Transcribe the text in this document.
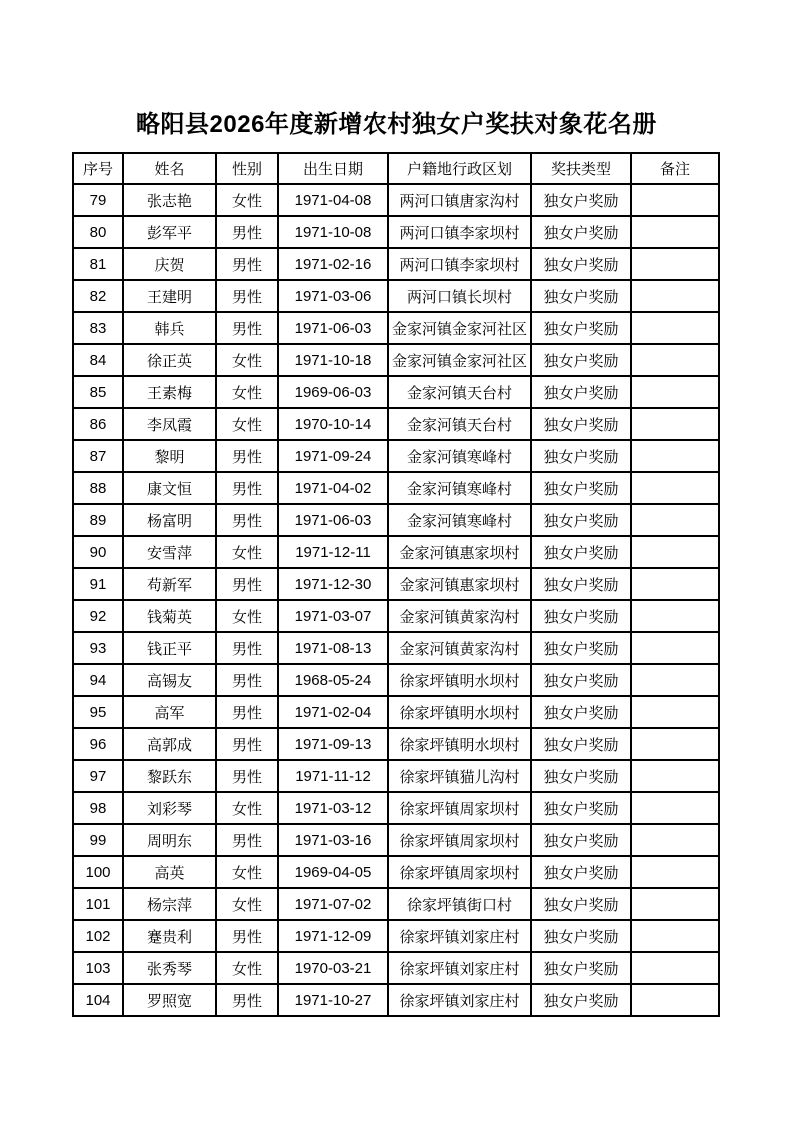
略阳县2026年度新增农村独女户奖扶对象花名册
序号	姓名	性别	出生日期	户籍地行政区划	奖扶类型	备注
79	张志艳	女性	1971-04-08	两河口镇唐家沟村	独女户奖励	
80	彭军平	男性	1971-10-08	两河口镇李家坝村	独女户奖励	
81	庆贺	男性	1971-02-16	两河口镇李家坝村	独女户奖励	
82	王建明	男性	1971-03-06	两河口镇长坝村	独女户奖励	
83	韩兵	男性	1971-06-03	金家河镇金家河社区	独女户奖励	
84	徐正英	女性	1971-10-18	金家河镇金家河社区	独女户奖励	
85	王素梅	女性	1969-06-03	金家河镇天台村	独女户奖励	
86	李凤霞	女性	1970-10-14	金家河镇天台村	独女户奖励	
87	黎明	男性	1971-09-24	金家河镇寒峰村	独女户奖励	
88	康文恒	男性	1971-04-02	金家河镇寒峰村	独女户奖励	
89	杨富明	男性	1971-06-03	金家河镇寒峰村	独女户奖励	
90	安雪萍	女性	1971-12-11	金家河镇惠家坝村	独女户奖励	
91	苟新军	男性	1971-12-30	金家河镇惠家坝村	独女户奖励	
92	钱菊英	女性	1971-03-07	金家河镇黄家沟村	独女户奖励	
93	钱正平	男性	1971-08-13	金家河镇黄家沟村	独女户奖励	
94	高锡友	男性	1968-05-24	徐家坪镇明水坝村	独女户奖励	
95	高军	男性	1971-02-04	徐家坪镇明水坝村	独女户奖励	
96	高郭成	男性	1971-09-13	徐家坪镇明水坝村	独女户奖励	
97	黎跃东	男性	1971-11-12	徐家坪镇猫儿沟村	独女户奖励	
98	刘彩琴	女性	1971-03-12	徐家坪镇周家坝村	独女户奖励	
99	周明东	男性	1971-03-16	徐家坪镇周家坝村	独女户奖励	
100	高英	女性	1969-04-05	徐家坪镇周家坝村	独女户奖励	
101	杨宗萍	女性	1971-07-02	徐家坪镇街口村	独女户奖励	
102	蹇贵利	男性	1971-12-09	徐家坪镇刘家庄村	独女户奖励	
103	张秀琴	女性	1970-03-21	徐家坪镇刘家庄村	独女户奖励	
104	罗照宽	男性	1971-10-27	徐家坪镇刘家庄村	独女户奖励	
